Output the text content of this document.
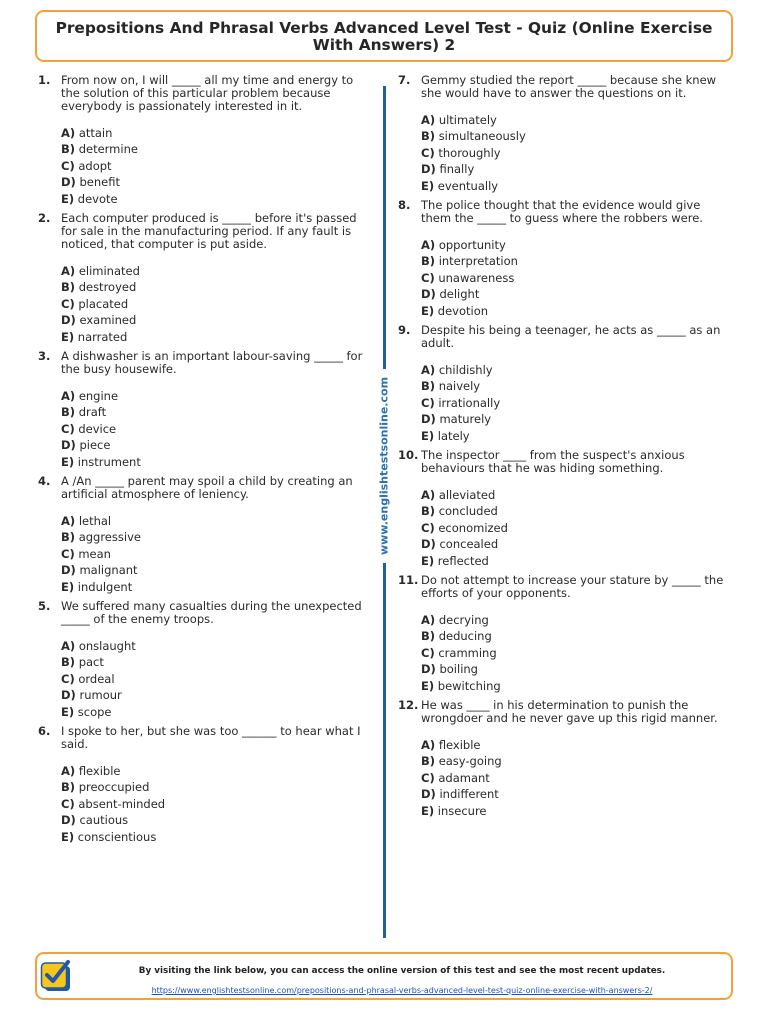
Prepositions And Phrasal Verbs Advanced Level Test - Quiz (Online Exercise With Answers) 2
1. From now on, I will _____ all my time and energy to
the solution of this particular problem because
everybody is passionately interested in it.
A) attain
B) determine
C) adopt
D) benefit
E) devote
2. Each computer produced is _____ before it's passed
for sale in the manufacturing period. If any fault is
noticed, that computer is put aside.
A) eliminated
B) destroyed
C) placated
D) examined
E) narrated
3. A dishwasher is an important labour-saving _____ for
the busy housewife.
A) engine
B) draft
C) device
D) piece
E) instrument
4. A /An _____ parent may spoil a child by creating an
artificial atmosphere of leniency.
A) lethal
B) aggressive
C) mean
D) malignant
E) indulgent
5. We suffered many casualties during the unexpected
_____ of the enemy troops.
A) onslaught
B) pact
C) ordeal
D) rumour
E) scope
6. I spoke to her, but she was too ______ to hear what I
said.
A) flexible
B) preoccupied
C) absent-minded
D) cautious
E) conscientious
www.englishtestsonline.com
7. Gemmy studied the report _____ because she knew
she would have to answer the questions on it.
A) ultimately
B) simultaneously
C) thoroughly
D) finally
E) eventually
8. The police thought that the evidence would give
them the _____ to guess where the robbers were.
A) opportunity
B) interpretation
C) unawareness
D) delight
E) devotion
9. Despite his being a teenager, he acts as _____ as an
adult.
A) childishly
B) naively
C) irrationally
D) maturely
E) lately
10. The inspector ____ from the suspect's anxious
behaviours that he was hiding something.
A) alleviated
B) concluded
C) economized
D) concealed
E) reflected
11. Do not attempt to increase your stature by _____ the
efforts of your opponents.
A) decrying
B) deducing
C) cramming
D) boiling
E) bewitching
12. He was ____ in his determination to punish the
wrongdoer and he never gave up this rigid manner.
A) flexible
B) easy-going
C) adamant
D) indifferent
E) insecure
By visiting the link below, you can access the online version of this test and see the most recent updates.
https://www.englishtestsonline.com/prepositions-and-phrasal-verbs-advanced-level-test-quiz-online-exercise-with-answers-2/
